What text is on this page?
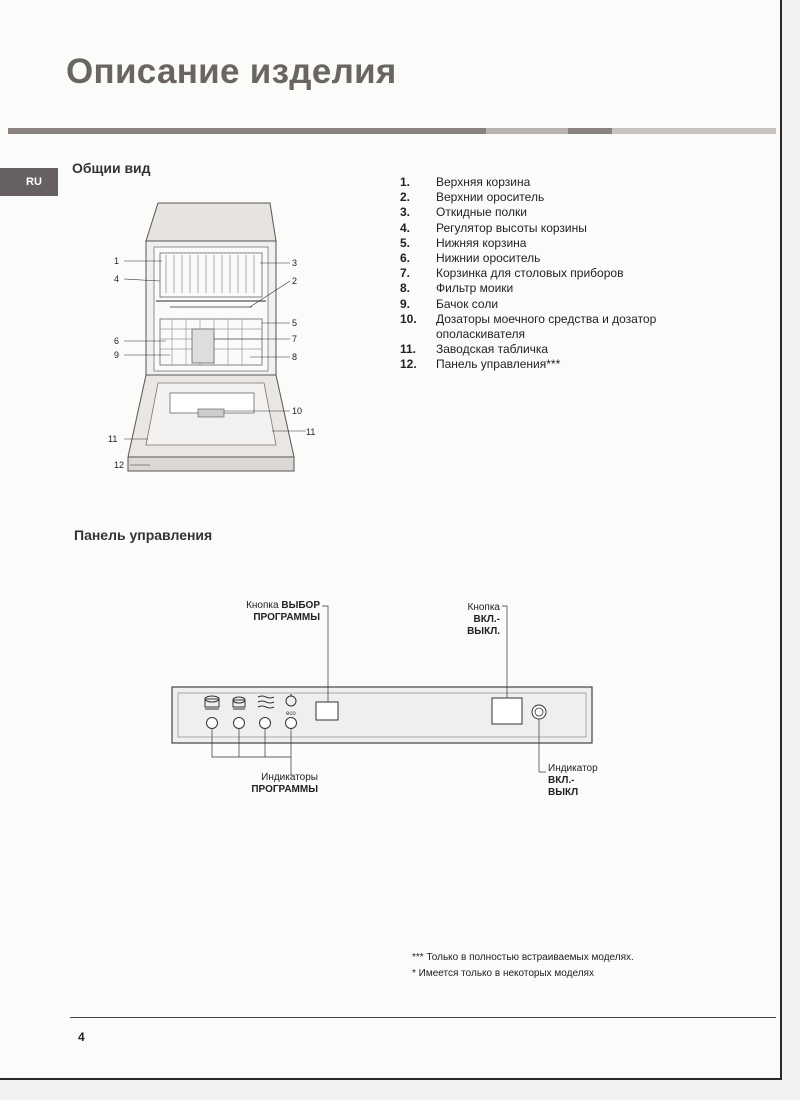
Описание изделия
RU
Общии вид
1	3
4	2
5
6	7
9	8
10
11
11
12
1.	Верхняя корзина
2.	Верхнии ороситель
3.	Откидные полки
4.	Регулятор высоты корзины
5.	Нижняя корзина
6.	Нижнии ороситель
7.	Корзинка для столовых приборов
8.	Фильтр моики
9.	Бачок соли
10.	Дозаторы моечного средства и дозатор ополаскивателя
11.	Заводская табличка
12.	Панель управления***
Панель управления
Кнопка ВЫБОР
ПРОГРАММЫ
Кнопка
ВКЛ.-
ВЫКЛ.
Индикаторы
ПРОГРАММЫ
Индикатор
ВКЛ.-
ВЫКЛ
eco
*** Только в полностью встраиваемых моделях.
* Имеется только в некоторых моделях
4
